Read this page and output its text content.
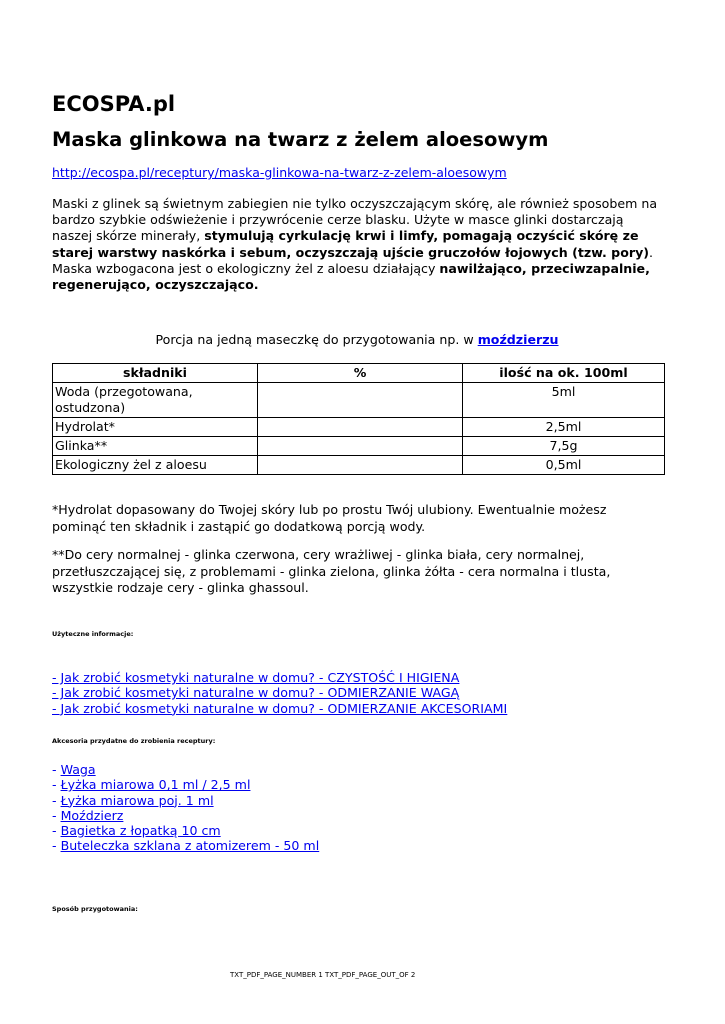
ECOSPA.pl
Maska glinkowa na twarz z żelem aloesowym
http://ecospa.pl/receptury/maska-glinkowa-na-twarz-z-zelem-aloesowym

Maski z glinek są świetnym zabiegien nie tylko oczyszczającym skórę, ale również sposobem na bardzo szybkie odświeżenie i przywrócenie cerze blasku. Użyte w masce glinki dostarczają naszej skórze minerały, stymulują cyrkulację krwi i limfy, pomagają oczyścić skórę ze starej warstwy naskórka i sebum, oczyszczają ujście gruczołów łojowych (tzw. pory). Maska wzbogacona jest o ekologiczny żel z aloesu działający nawilżająco, przeciwzapalnie, regenerująco, oczyszczająco.

Porcja na jedną maseczkę do przygotowania np. w moździerzu
składniki	%	ilość na ok. 100ml
Woda (przegotowana, ostudzona)		5ml
Hydrolat*		2,5ml
Glinka**		7,5g
Ekologiczny żel z aloesu		0,5ml

*Hydrolat dopasowany do Twojej skóry lub po prostu Twój ulubiony. Ewentualnie możesz pominąć ten składnik i zastąpić go dodatkową porcją wody.

**Do cery normalnej - glinka czerwona, cery wrażliwej - glinka biała, cery normalnej, przetłuszczającej się, z problemami - glinka zielona, glinka żółta - cera normalna i tlusta, wszystkie rodzaje cery - glinka ghassoul.

Użyteczne informacje:
- Jak zrobić kosmetyki naturalne w domu? - CZYSTOŚĆ I HIGIENA
- Jak zrobić kosmetyki naturalne w domu? - ODMIERZANIE WAGĄ
- Jak zrobić kosmetyki naturalne w domu? - ODMIERZANIE AKCESORIAMI
Akcesoria przydatne do zrobienia receptury:
- Waga
- Łyżka miarowa 0,1 ml / 2,5 ml
- Łyżka miarowa poj. 1 ml
- Moździerz
- Bagietka z łopatką 10 cm
- Buteleczka szklana z atomizerem - 50 ml
Sposób przygotowania:
TXT_PDF_PAGE_NUMBER 1 TXT_PDF_PAGE_OUT_OF 2
